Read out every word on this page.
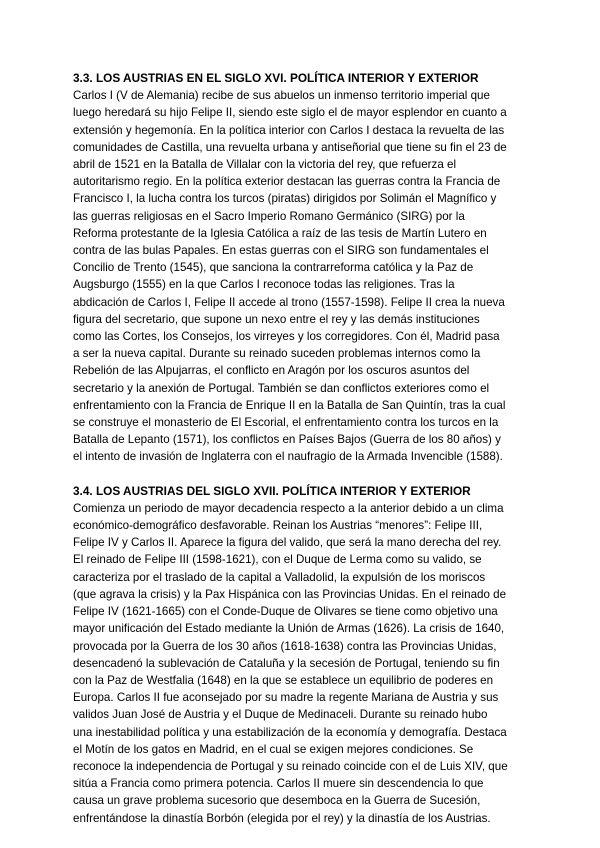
3.3. LOS AUSTRIAS EN EL SIGLO XVI. POLÍTICA INTERIOR Y EXTERIOR

Carlos I (V de Alemania) recibe de sus abuelos un inmenso territorio imperial que
luego heredará su hijo Felipe II, siendo este siglo el de mayor esplendor en cuanto a
extensión y hegemonía. En la política interior con Carlos I destaca la revuelta de las
comunidades de Castilla, una revuelta urbana y antiseñorial que tiene su fin el 23 de
abril de 1521 en la Batalla de Villalar con la victoria del rey, que refuerza el
autoritarismo regio. En la política exterior destacan las guerras contra la Francia de
Francisco I, la lucha contra los turcos (piratas) dirigidos por Solimán el Magnífico y
las guerras religiosas en el Sacro Imperio Romano Germánico (SIRG) por la
Reforma protestante de la Iglesia Católica a raíz de las tesis de Martín Lutero en
contra de las bulas Papales. En estas guerras con el SIRG son fundamentales el
Concilio de Trento (1545), que sanciona la contrarreforma católica y la Paz de
Augsburgo (1555) en la que Carlos I reconoce todas las religiones. Tras la
abdicación de Carlos I, Felipe II accede al trono (1557-1598). Felipe II crea la nueva
figura del secretario, que supone un nexo entre el rey y las demás instituciones
como las Cortes, los Consejos, los virreyes y los corregidores. Con él, Madrid pasa
a ser la nueva capital. Durante su reinado suceden problemas internos como la
Rebelión de las Alpujarras, el conflicto en Aragón por los oscuros asuntos del
secretario y la anexión de Portugal. También se dan conflictos exteriores como el
enfrentamiento con la Francia de Enrique II en la Batalla de San Quintín, tras la cual
se construye el monasterio de El Escorial, el enfrentamiento contra los turcos en la
Batalla de Lepanto (1571), los conflictos en Países Bajos (Guerra de los 80 años) y
el intento de invasión de Inglaterra con el naufragio de la Armada Invencible (1588).

3.4. LOS AUSTRIAS DEL SIGLO XVII. POLÍTICA INTERIOR Y EXTERIOR

Comienza un periodo de mayor decadencia respecto a la anterior debido a un clima
económico-demográfico desfavorable. Reinan los Austrias “menores”: Felipe III,
Felipe IV y Carlos II. Aparece la figura del valido, que será la mano derecha del rey.
El reinado de Felipe III (1598-1621), con el Duque de Lerma como su valido, se
caracteriza por el traslado de la capital a Valladolid, la expulsión de los moriscos
(que agrava la crisis) y la Pax Hispánica con las Provincias Unidas. En el reinado de
Felipe IV (1621-1665) con el Conde-Duque de Olivares se tiene como objetivo una
mayor unificación del Estado mediante la Unión de Armas (1626). La crisis de 1640,
provocada por la Guerra de los 30 años (1618-1638) contra las Provincias Unidas,
desencadenó la sublevación de Cataluña y la secesión de Portugal, teniendo su fin
con la Paz de Westfalia (1648) en la que se establece un equilibrio de poderes en
Europa. Carlos II fue aconsejado por su madre la regente Mariana de Austria y sus
validos Juan José de Austria y el Duque de Medinaceli. Durante su reinado hubo
una inestabilidad política y una estabilización de la economía y demografía. Destaca
el Motín de los gatos en Madrid, en el cual se exigen mejores condiciones. Se
reconoce la independencia de Portugal y su reinado coincide con el de Luis XIV, que
sitúa a Francia como primera potencia. Carlos II muere sin descendencia lo que
causa un grave problema sucesorio que desemboca en la Guerra de Sucesión,
enfrentándose la dinastía Borbón (elegida por el rey) y la dinastía de los Austrias.
